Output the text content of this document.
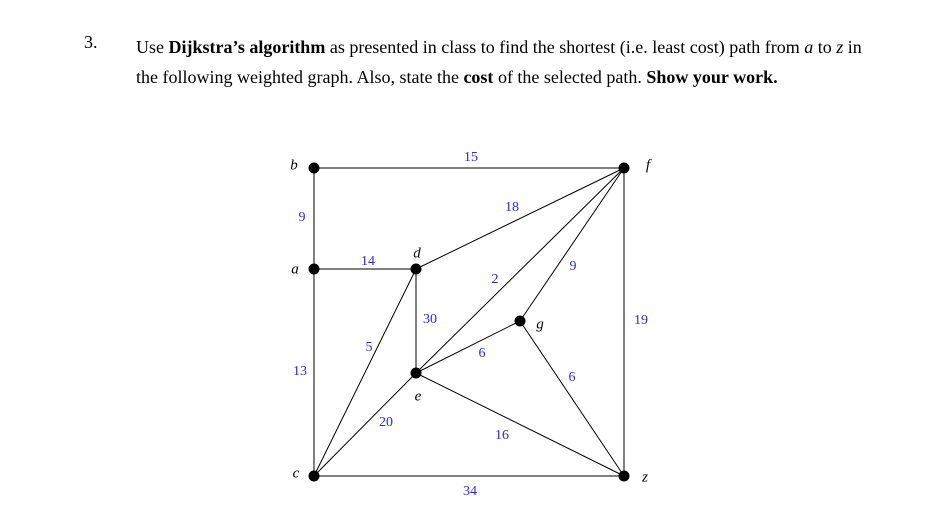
3. Use Dijkstra’s algorithm as presented in class to find the shortest (i.e. least cost) path from a to z in the following weighted graph. Also, state the cost of the selected path. Show your work.
15
9
14
18
2
19
9
30
5	6
6
13
20
16
34
b	f
a
d
g
e
c	z
